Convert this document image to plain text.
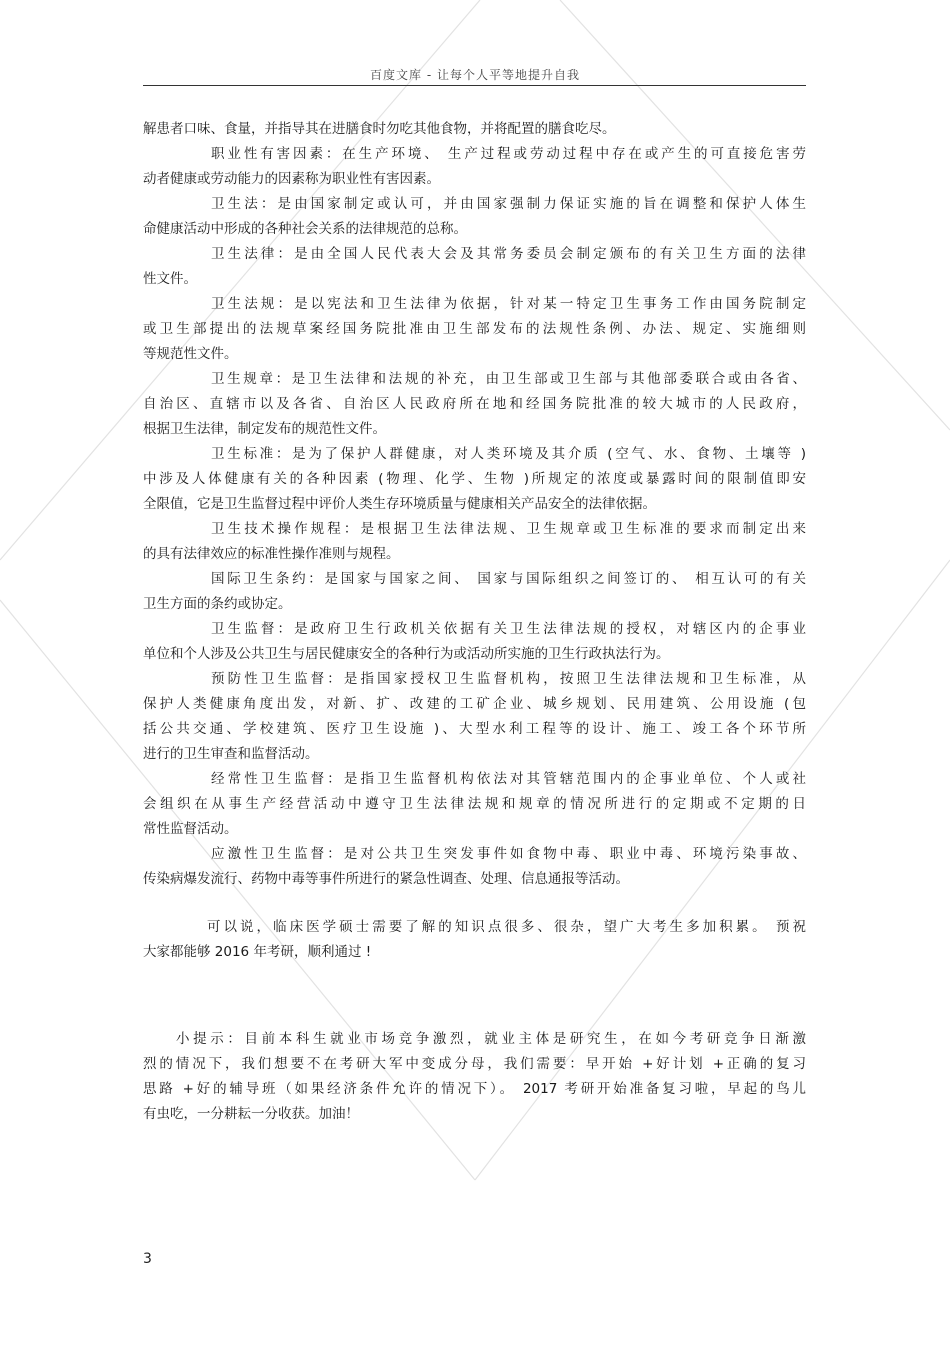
百度文库 - 让每个人平等地提升自我
解患者口味、食量，并指导其在进膳食时勿吃其他食物，并将配置的膳食吃尽。
职业性有害因素：在生产环境、 生产过程或劳动过程中存在或产生的可直接危害劳
动者健康或劳动能力的因素称为职业性有害因素。
卫生法：是由国家制定或认可，并由国家强制力保证实施的旨在调整和保护人体生
命健康活动中形成的各种社会关系的法律规范的总称。
卫生法律：是由全国人民代表大会及其常务委员会制定颁布的有关卫生方面的法律
性文件。
卫生法规：是以宪法和卫生法律为依据，针对某一特定卫生事务工作由国务院制定
或卫生部提出的法规草案经国务院批准由卫生部发布的法规性条例、办法、规定、实施细则
等规范性文件。
卫生规章：是卫生法律和法规的补充，由卫生部或卫生部与其他部委联合或由各省、
自治区、直辖市以及各省、自治区人民政府所在地和经国务院批准的较大城市的人民政府，
根据卫生法律，制定发布的规范性文件。
卫生标准：是为了保护人群健康，对人类环境及其介质 (空气、水、食物、土壤等 )
中涉及人体健康有关的各种因素 (物理、化学、生物 )所规定的浓度或暴露时间的限制值即安
全限值，它是卫生监督过程中评价人类生存环境质量与健康相关产品安全的法律依据。
卫生技术操作规程：是根据卫生法律法规、卫生规章或卫生标准的要求而制定出来
的具有法律效应的标准性操作准则与规程。
国际卫生条约：是国家与国家之间、 国家与国际组织之间签订的、 相互认可的有关
卫生方面的条约或协定。
卫生监督：是政府卫生行政机关依据有关卫生法律法规的授权，对辖区内的企事业
单位和个人涉及公共卫生与居民健康安全的各种行为或活动所实施的卫生行政执法行为。
预防性卫生监督：是指国家授权卫生监督机构，按照卫生法律法规和卫生标准，从
保护人类健康角度出发，对新、扩、改建的工矿企业、城乡规划、民用建筑、公用设施 (包
括公共交通、学校建筑、医疗卫生设施 )、大型水利工程等的设计、施工、竣工各个环节所
进行的卫生审查和监督活动。
经常性卫生监督：是指卫生监督机构依法对其管辖范围内的企事业单位、个人或社
会组织在从事生产经营活动中遵守卫生法律法规和规章的情况所进行的定期或不定期的日
常性监督活动。
应激性卫生监督：是对公共卫生突发事件如食物中毒、职业中毒、环境污染事故、
传染病爆发流行、药物中毒等事件所进行的紧急性调查、处理、信息通报等活动。
可以说，临床医学硕士需要了解的知识点很多、很杂，望广大考生多加积累。 预祝
大家都能够 2016 年考研，顺利通过 !
小提示：目前本科生就业市场竞争激烈，就业主体是研究生，在如今考研竞争日渐激
烈的情况下，我们想要不在考研大军中变成分母，我们需要：早开始 +好计划 +正确的复习
思路 +好的辅导班（如果经济条件允许的情况下）。 2017 考研开始准备复习啦，早起的鸟儿
有虫吃，一分耕耘一分收获。加油！
3
